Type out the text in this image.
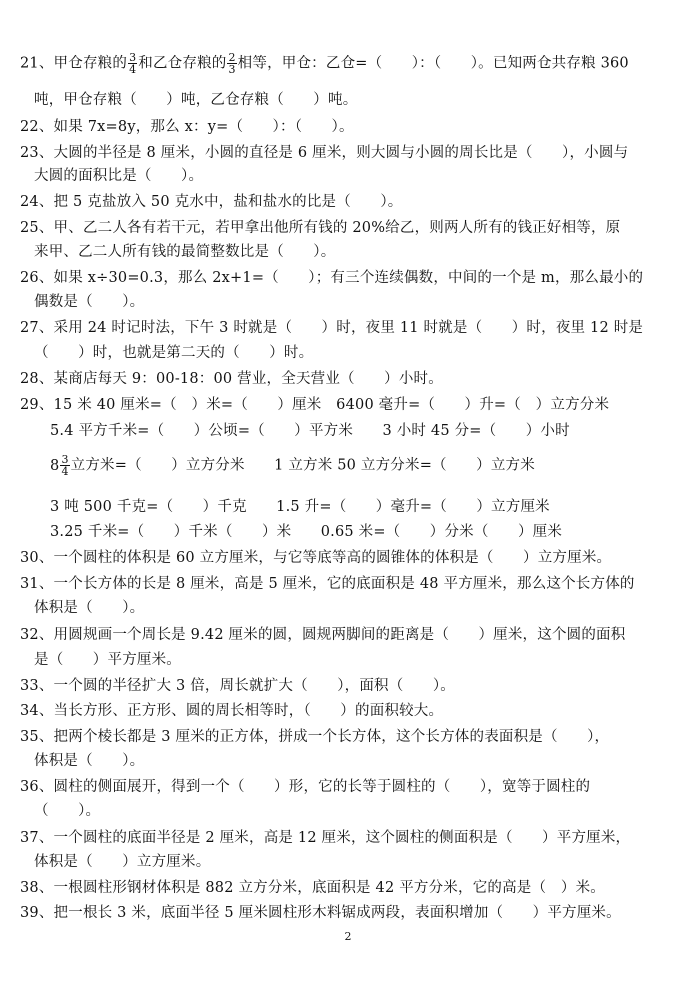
21、甲仓存粮的 $\frac{3}{4}$ 和乙仓存粮的 $\frac{2}{3}$ 相等，甲仓：乙仓=（　　）：（　　）。已知两仓共存粮 360
吨，甲仓存粮（　　）吨，乙仓存粮（　　）吨。
22、如果 7x=8y，那么 x：y=（　　）：（　　）。
23、大圆的半径是 8 厘米，小圆的直径是 6 厘米，则大圆与小圆的周长比是（　　），小圆与
大圆的面积比是（　　）。
24、把 5 克盐放入 50 克水中，盐和盐水的比是（　　）。
25、甲、乙二人各有若干元，若甲拿出他所有钱的 20%给乙，则两人所有的钱正好相等，原
来甲、乙二人所有钱的最简整数比是（　　）。
26、如果 x÷30=0.3，那么 2x+1=（　　）；有三个连续偶数，中间的一个是 m，那么最小的
偶数是（　　）。
27、采用 24 时记时法，下午 3 时就是（　　）时，夜里 11 时就是（　　）时，夜里 12 时是
（　　）时，也就是第二天的（　　）时。
28、某商店每天 9：00-18：00 营业，全天营业（　　）小时。
29、15 米 40 厘米=（　）米=（　　）厘米　6400 毫升=（　　）升=（　）立方分米
5.4 平方千米=（　　）公顷=（　　）平方米　　3 小时 45 分=（　　）小时
$8 \frac{3}{4}$ 立方米=（　　）立方分米　　1 立方米 50 立方分米=（　　）立方米
3 吨 500 千克=（　　）千克　　1.5 升=（　　）毫升=（　　）立方厘米
3.25 千米=（　　）千米（　　）米　　0.65 米=（　　）分米（　　）厘米
30、一个圆柱的体积是 60 立方厘米，与它等底等高的圆锥体的体积是（　　）立方厘米。
31、一个长方体的长是 8 厘米，高是 5 厘米，它的底面积是 48 平方厘米，那么这个长方体的
体积是（　　）。
32、用圆规画一个周长是 9.42 厘米的圆，圆规两脚间的距离是（　　）厘米，这个圆的面积
是（　　）平方厘米。
33、一个圆的半径扩大 3 倍，周长就扩大（　　），面积（　　）。
34、当长方形、正方形、圆的周长相等时，（　　）的面积较大。
35、把两个棱长都是 3 厘米的正方体，拼成一个长方体，这个长方体的表面积是（　　），
体积是（　　）。
36、圆柱的侧面展开，得到一个（　　）形，它的长等于圆柱的（　　），宽等于圆柱的
（　　）。
37、一个圆柱的底面半径是 2 厘米，高是 12 厘米，这个圆柱的侧面积是（　　）平方厘米，
体积是（　　）立方厘米。
38、一根圆柱形钢材体积是 882 立方分米，底面积是 42 平方分米，它的高是（　）米。
39、把一根长 3 米，底面半径 5 厘米圆柱形木料锯成两段，表面积增加（　　）平方厘米。
2
